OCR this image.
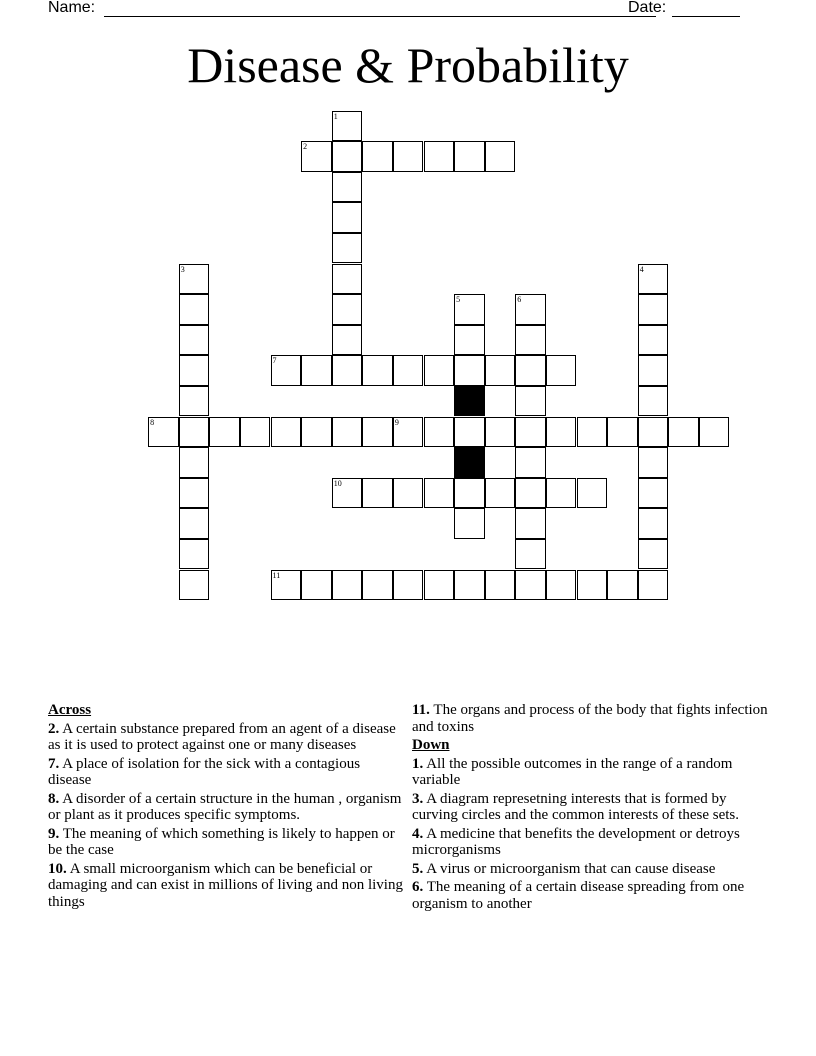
Name:	Date:
Disease & Probability
1
2
3	4
5	6
7
8	9
10
11
Across
2. A certain substance prepared from an agent of a disease as it is used to protect against one or many diseases
7. A place of isolation for the sick with a contagious disease
8. A disorder of a certain structure in the human , organism or plant as it produces specific symptoms.
9. The meaning of which something is likely to happen or be the case
10. A small microorganism which can be beneficial or damaging and can exist in millions of living and non living things
11. The organs and process of the body that fights infection and toxins
Down
1. All the possible outcomes in the range of a random variable
3. A diagram represetning interests that is formed by curving circles and the common interests of these sets.
4. A medicine that benefits the development or detroys microrganisms
5. A virus or microorganism that can cause disease
6. The meaning of a certain disease spreading from one organism to another
